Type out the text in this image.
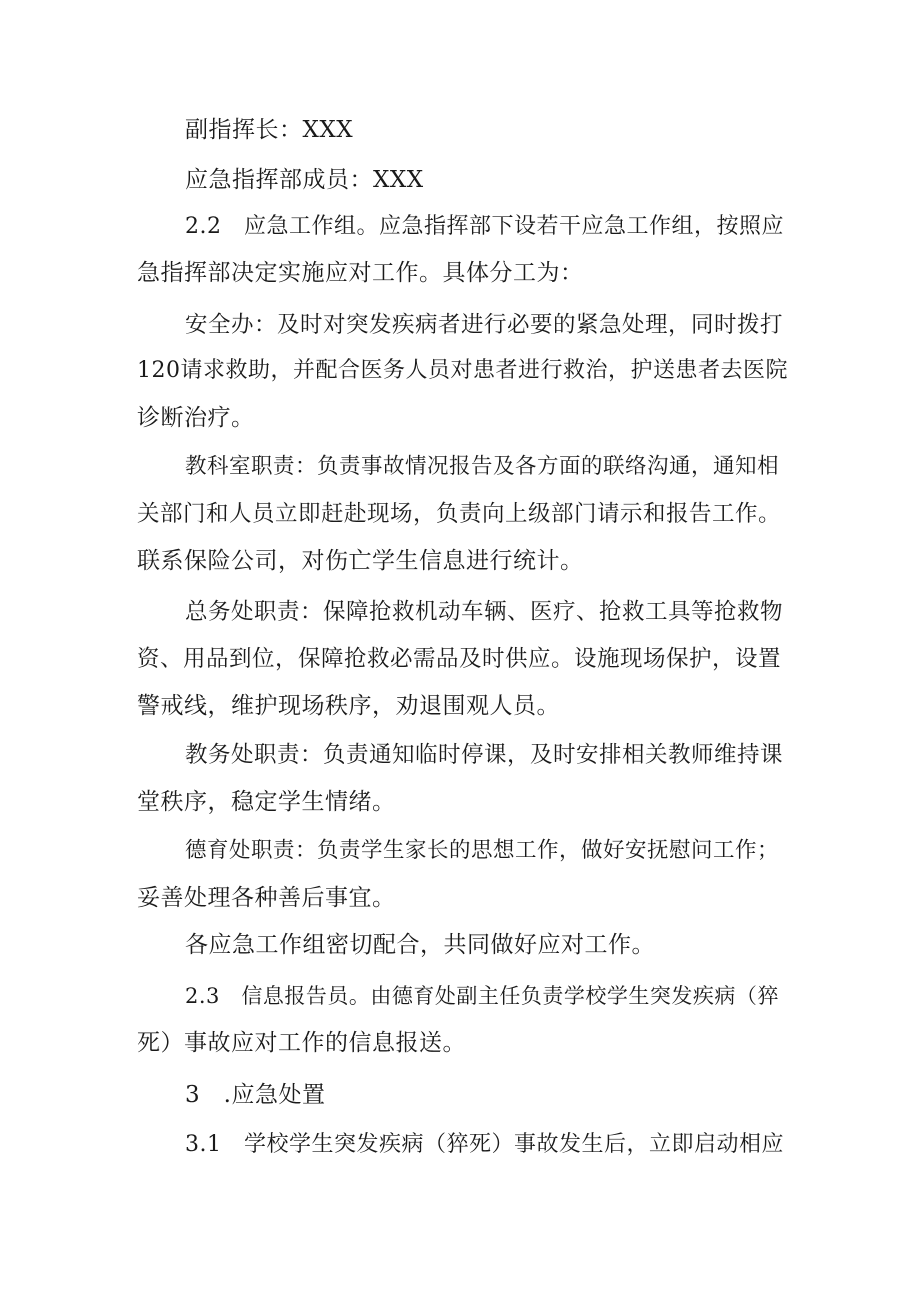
副指挥长：XXX
应急指挥部成员：XXX
2.2　应急工作组。应急指挥部下设若干应急工作组，按照应
急指挥部决定实施应对工作。具体分工为：
安全办：及时对突发疾病者进行必要的紧急处理，同时拨打
120请求救助，并配合医务人员对患者进行救治，护送患者去医院
诊断治疗。
教科室职责：负责事故情况报告及各方面的联络沟通，通知相
关部门和人员立即赶赴现场，负责向上级部门请示和报告工作。
联系保险公司，对伤亡学生信息进行统计。
总务处职责：保障抢救机动车辆、医疗、抢救工具等抢救物
资、用品到位，保障抢救必需品及时供应。设施现场保护，设置
警戒线，维护现场秩序，劝退围观人员。
教务处职责：负责通知临时停课，及时安排相关教师维持课
堂秩序，稳定学生情绪。
德育处职责：负责学生家长的思想工作，做好安抚慰问工作；
妥善处理各种善后事宜。
各应急工作组密切配合，共同做好应对工作。
2.3　信息报告员。由德育处副主任负责学校学生突发疾病（猝
死）事故应对工作的信息报送。
3　.应急处置
3.1　学校学生突发疾病（猝死）事故发生后，立即启动相应
